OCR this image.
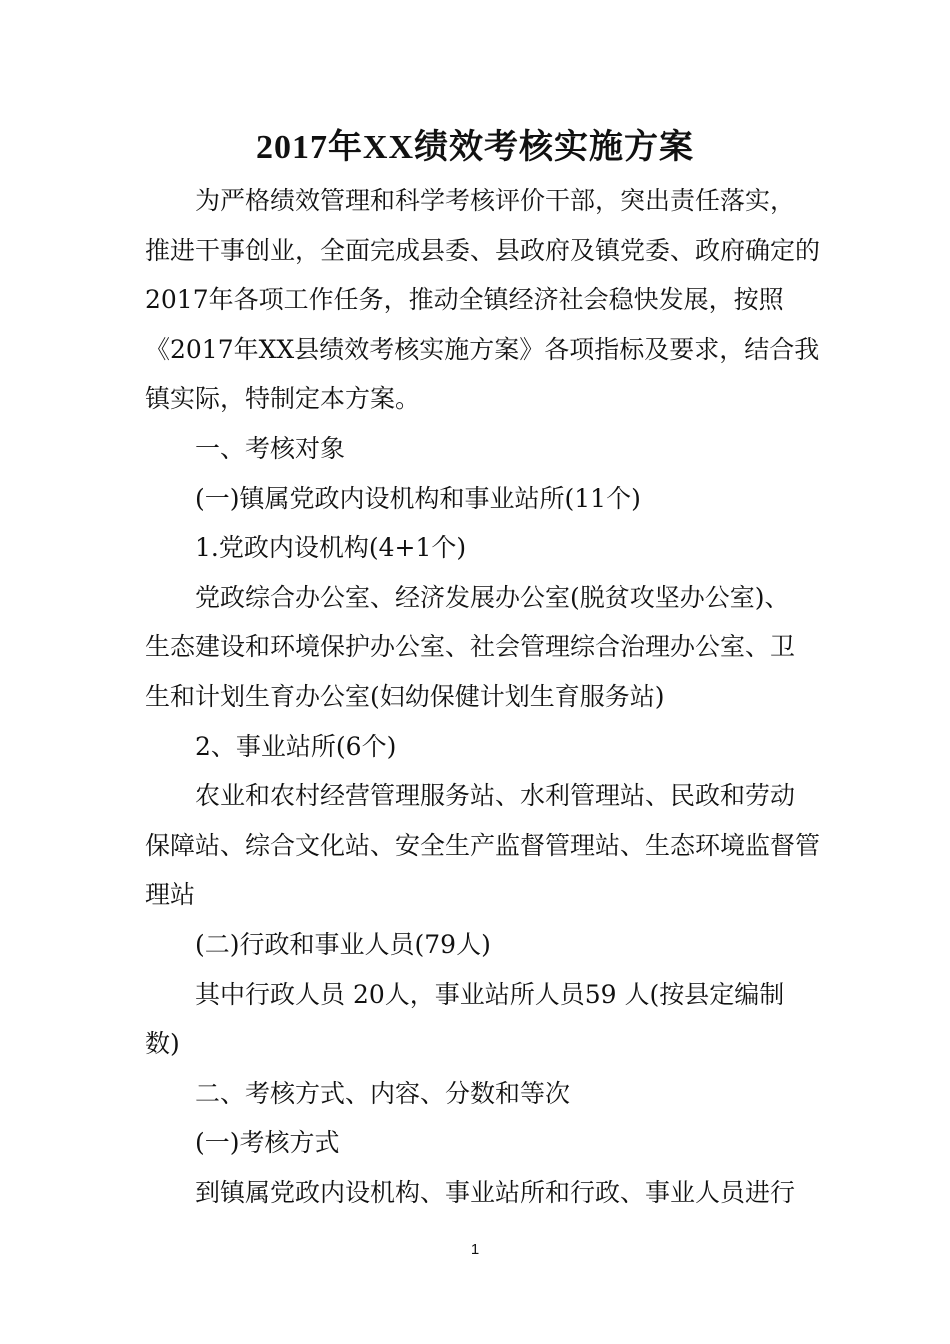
2017年XX绩效考核实施方案

为严格绩效管理和科学考核评价干部，突出责任落实，
推进干事创业，全面完成县委、县政府及镇党委、政府确定的
2017年各项工作任务，推动全镇经济社会稳快发展，按照
《2017年XX县绩效考核实施方案》各项指标及要求，结合我
镇实际，特制定本方案。

一、考核对象

(一)镇属党政内设机构和事业站所(11个)

1.党政内设机构(4+1个)

党政综合办公室、经济发展办公室(脱贫攻坚办公室)、
生态建设和环境保护办公室、社会管理综合治理办公室、卫
生和计划生育办公室(妇幼保健计划生育服务站)

2、事业站所(6个)

农业和农村经营管理服务站、水利管理站、民政和劳动
保障站、综合文化站、安全生产监督管理站、生态环境监督管
理站

(二)行政和事业人员(79人)

其中行政人员 20人，事业站所人员59 人(按县定编制
数)

二、考核方式、内容、分数和等次

(一)考核方式

到镇属党政内设机构、事业站所和行政、事业人员进行

1
